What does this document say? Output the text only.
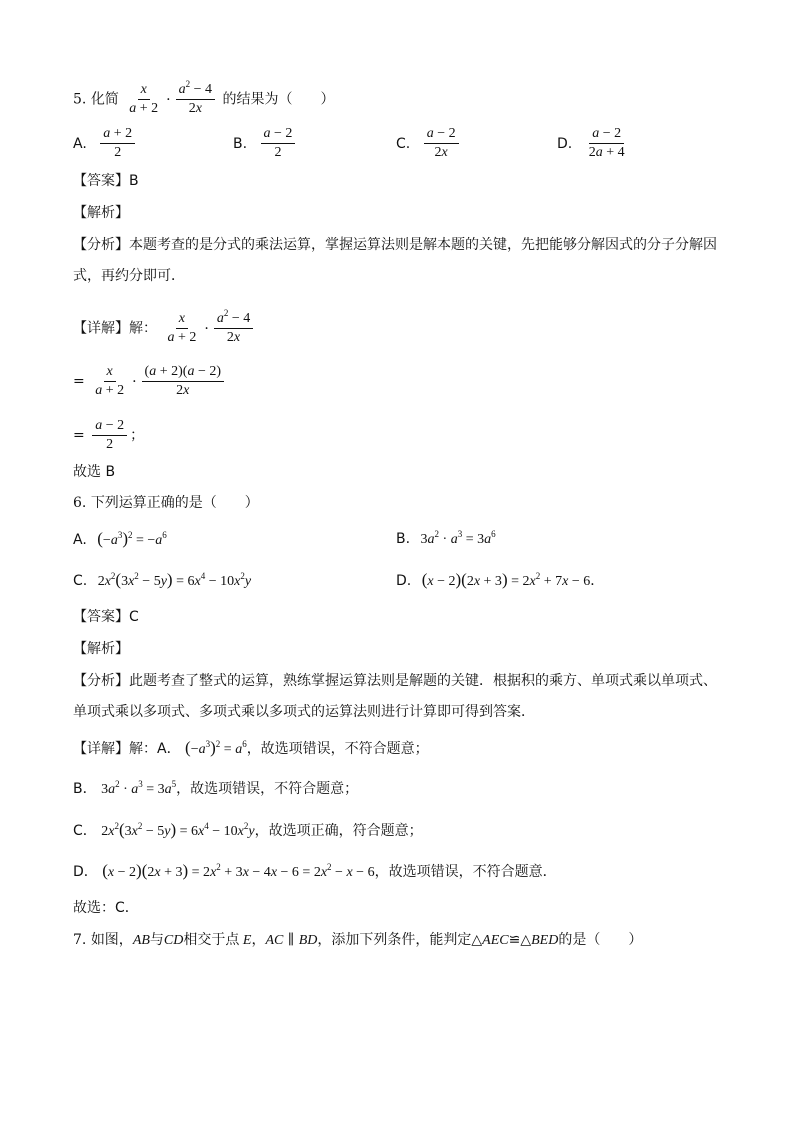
5. 化简 $\frac{x}{a + 2} \cdot \frac{a^2 - 4}{2x}$ 的结果为（　　）
A. $\frac{a + 2}{2}$	B. $\frac{a - 2}{2}$	C. $\frac{a - 2}{2x}$	D. $\frac{a - 2}{2a + 4}$
【答案】B
【解析】
【分析】本题考查的是分式的乘法运算，掌握运算法则是解本题的关键，先把能够分解因式的分子分解因
式，再约分即可．
【详解】解： $\frac{x}{a + 2} \cdot \frac{a^2 - 4}{2x}$
= $\frac{x}{a + 2} \cdot \frac{(a + 2)(a - 2)}{2x}$
= $\frac{a - 2}{2}$ ；
故选 B
6. 下列运算正确的是（　　）
A. $(-a^3)^2 = -a^6$	B. $3a^2 \cdot a^3 = 3a^6$
C. $2x^2(3x^2 - 5y) = 6x^4 - 10x^2y$	D. $(x - 2)(2x + 3) = 2x^2 + 7x - 6$．
【答案】C
【解析】
【分析】此题考查了整式的运算，熟练掌握运算法则是解题的关键．根据积的乘方、单项式乘以单项式、
单项式乘以多项式、多项式乘以多项式的运算法则进行计算即可得到答案．
【详解】解：A． $(-a^3)^2 = a^6$，故选项错误，不符合题意；
B． $3a^2 \cdot a^3 = 3a^5$，故选项错误，不符合题意；
C． $2x^2(3x^2 - 5y) = 6x^4 - 10x^2y$，故选项正确，符合题意；
D． $(x - 2)(2x + 3) = 2x^2 + 3x - 4x - 6 = 2x^2 - x - 6$，故选项错误，不符合题意．
故选：C．
7. 如图，AB与CD相交于点 E，AC ∥ BD，添加下列条件，能判定△AEC≌△BED的是（　　）
